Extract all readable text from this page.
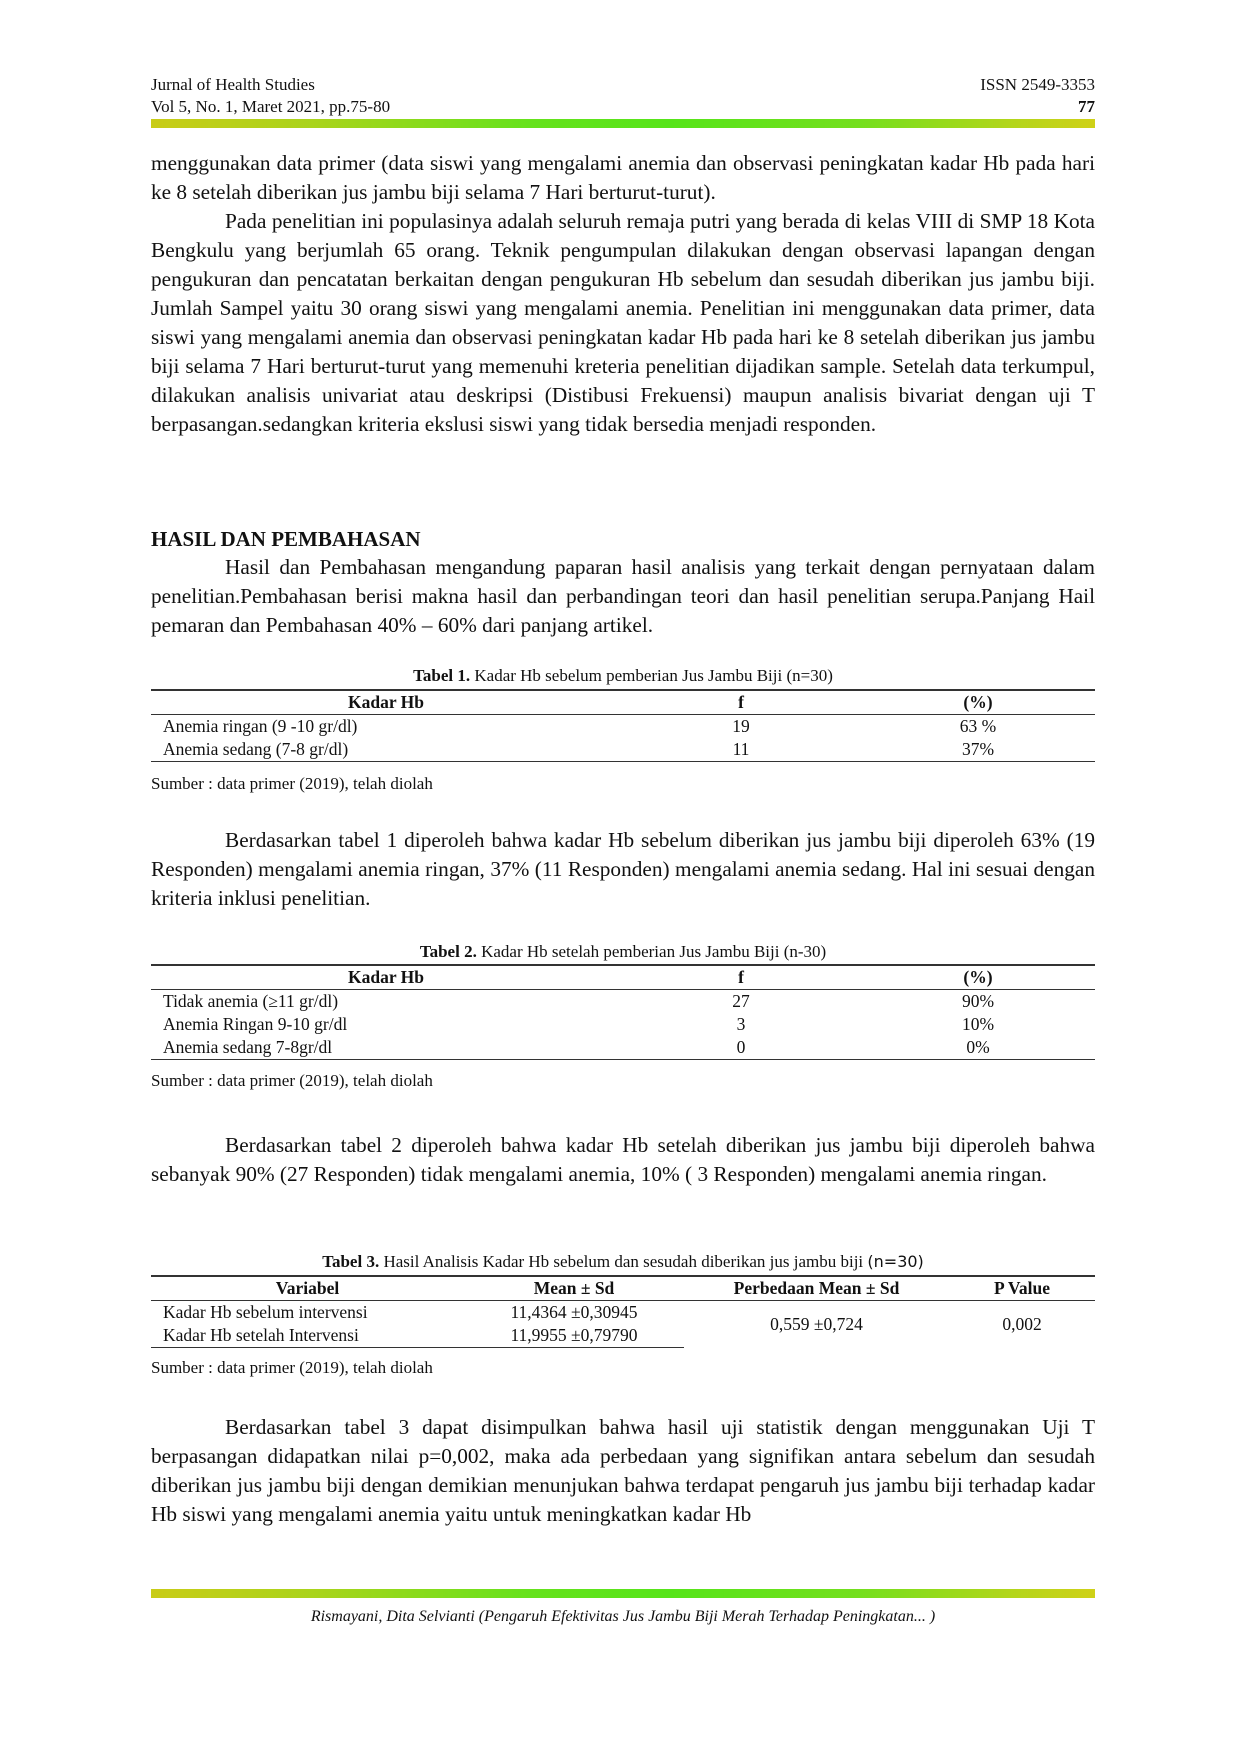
Jurnal of Health Studies	ISSN 2549-3353
Vol 5, No. 1, Maret 2021, pp.75-80	77

menggunakan data primer (data siswi yang mengalami anemia dan observasi peningkatan kadar Hb pada hari ke 8 setelah diberikan jus jambu biji selama 7 Hari berturut-turut).

Pada penelitian ini populasinya adalah seluruh remaja putri yang berada di kelas VIII di SMP 18 Kota Bengkulu yang berjumlah 65 orang. Teknik pengumpulan dilakukan dengan observasi lapangan dengan pengukuran dan pencatatan berkaitan dengan pengukuran Hb sebelum dan sesudah diberikan jus jambu biji. Jumlah Sampel yaitu 30 orang siswi yang mengalami anemia. Penelitian ini menggunakan data primer, data siswi yang mengalami anemia dan observasi peningkatan kadar Hb pada hari ke 8 setelah diberikan jus jambu biji selama 7 Hari berturut-turut yang memenuhi kreteria penelitian dijadikan sample. Setelah data terkumpul, dilakukan analisis univariat atau deskripsi (Distibusi Frekuensi) maupun analisis bivariat dengan uji T berpasangan.sedangkan kriteria ekslusi siswi yang tidak bersedia menjadi responden.

HASIL DAN PEMBAHASAN

Hasil dan Pembahasan mengandung paparan hasil analisis yang terkait dengan pernyataan dalam penelitian.Pembahasan berisi makna hasil dan perbandingan teori dan hasil penelitian serupa.Panjang Hail pemaran dan Pembahasan 40% – 60% dari panjang artikel.

Tabel 1. Kadar Hb sebelum pemberian Jus Jambu Biji (n=30)
Kadar Hb	f	(%)
Anemia ringan (9 -10 gr/dl)	19	63 %
Anemia sedang (7-8 gr/dl)	11	37%
Sumber : data primer (2019), telah diolah

Berdasarkan tabel 1 diperoleh bahwa kadar Hb sebelum diberikan jus jambu biji diperoleh 63% (19 Responden) mengalami anemia ringan, 37% (11 Responden) mengalami anemia sedang. Hal ini sesuai dengan kriteria inklusi penelitian.

Tabel 2. Kadar Hb setelah pemberian Jus Jambu Biji (n-30)
Kadar Hb	f	(%)
Tidak anemia (≥11 gr/dl)	27	90%
Anemia Ringan 9-10 gr/dl	3	10%
Anemia sedang 7-8gr/dl	0	0%
Sumber : data primer (2019), telah diolah

Berdasarkan tabel 2 diperoleh bahwa kadar Hb setelah diberikan jus jambu biji diperoleh bahwa sebanyak 90% (27 Responden) tidak mengalami anemia, 10% ( 3 Responden) mengalami anemia ringan.

Tabel 3. Hasil Analisis Kadar Hb sebelum dan sesudah diberikan jus jambu biji (n=30)
Variabel	Mean ± Sd	Perbedaan Mean ± Sd	P Value
Kadar Hb sebelum intervensi	11,4364 ±0,30945	0,559 ±0,724	0,002
Kadar Hb setelah Intervensi	11,9955 ±0,79790		
Sumber : data primer (2019), telah diolah

Berdasarkan tabel 3 dapat disimpulkan bahwa hasil uji statistik dengan menggunakan Uji T berpasangan didapatkan nilai p=0,002, maka ada perbedaan yang signifikan antara sebelum dan sesudah diberikan jus jambu biji dengan demikian menunjukan bahwa terdapat pengaruh jus jambu biji terhadap kadar Hb siswi yang mengalami anemia yaitu untuk meningkatkan kadar Hb

Rismayani, Dita Selvianti (Pengaruh Efektivitas Jus Jambu Biji Merah Terhadap Peningkatan... )
